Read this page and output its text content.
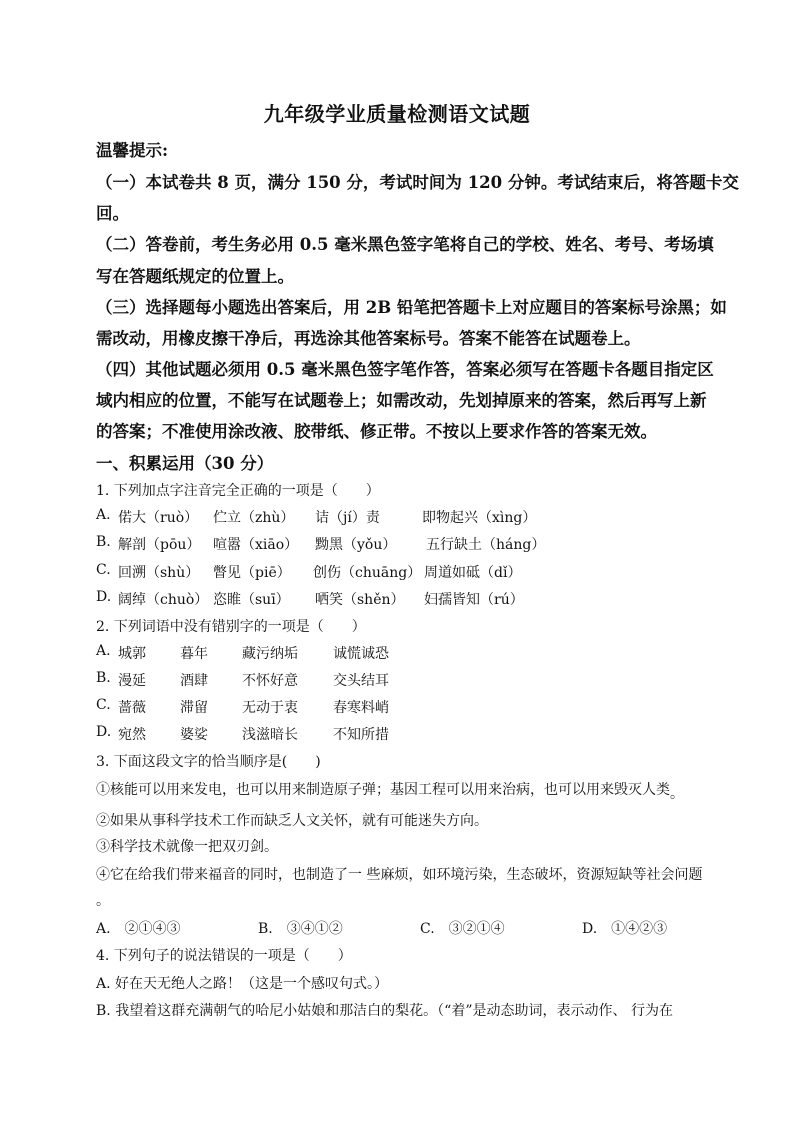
九年级学业质量检测语文试题
温馨提示:
（一）本试卷共 8 页，满分 150 分，考试时间为 120 分钟。考试结束后，将答题卡交
回。
（二）答卷前，考生务必用 0.5 毫米黑色签字笔将自己的学校、姓名、考号、考场填
写在答题纸规定的位置上。
（三）选择题每小题选出答案后，用 2B 铅笔把答题卡上对应题目的答案标号涂黑；如
需改动，用橡皮擦干净后，再选涂其他答案标号。答案不能答在试题卷上。
（四）其他试题必须用 0.5 毫米黑色签字笔作答，答案必须写在答题卡各题目指定区
域内相应的位置，不能写在试题卷上；如需改动，先划掉原来的答案，然后再写上新
的答案；不准使用涂改液、胶带纸、修正带。不按以上要求作答的答案无效。
一、积累运用（30 分）
1. 下列加点字注音完全正确的一项是（　　）
A. 偌大（ruò） 伫立（zhù） 诘（jí）责	即物起兴（xìng）
B. 解剖（pōu） 喧嚣（xiāo） 黝黑（yǒu） 五行缺土（háng）
C. 回溯（shù） 瞥见（piē） 创伤（chuāng） 周道如砥（dǐ）
D. 阔绰（chuò） 恣睢（suī） 哂笑（shěn） 妇孺皆知（rú）
2. 下列词语中没有错别字的一项是（　　）
A. 城郭 暮年 藏污纳垢	诚慌诚恐
B. 漫延 酒肆 不怀好意	交头结耳
C. 蔷薇 滞留 无动于衷	春寒料峭
D. 宛然 婆娑 浅滋暗长	不知所措
3. 下面这段文字的恰当顺序是(　　)
①核能可以用来发电，也可以用来制造原子弹；基因工程可以用来治病，也可以用来毁灭人类。
②如果从事科学技术工作而缺乏人文关怀，就有可能迷失方向。
③科学技术就像一把双刃剑。
④它在给我们带来福音的同时，也制造了一 些麻烦，如环境污染，生态破坏，资源短缺等社会问题
。
A.　②①④③	B.　③④①②	C.　③②①④	D.　①④②③
4. 下列句子的说法错误的一项是（　　）
A. 好在天无绝人之路！（这是一个感叹句式。）
B. 我望着这群充满朝气的哈尼小姑娘和那洁白的梨花。（“着”是动态助词，表示动作、 行为在
